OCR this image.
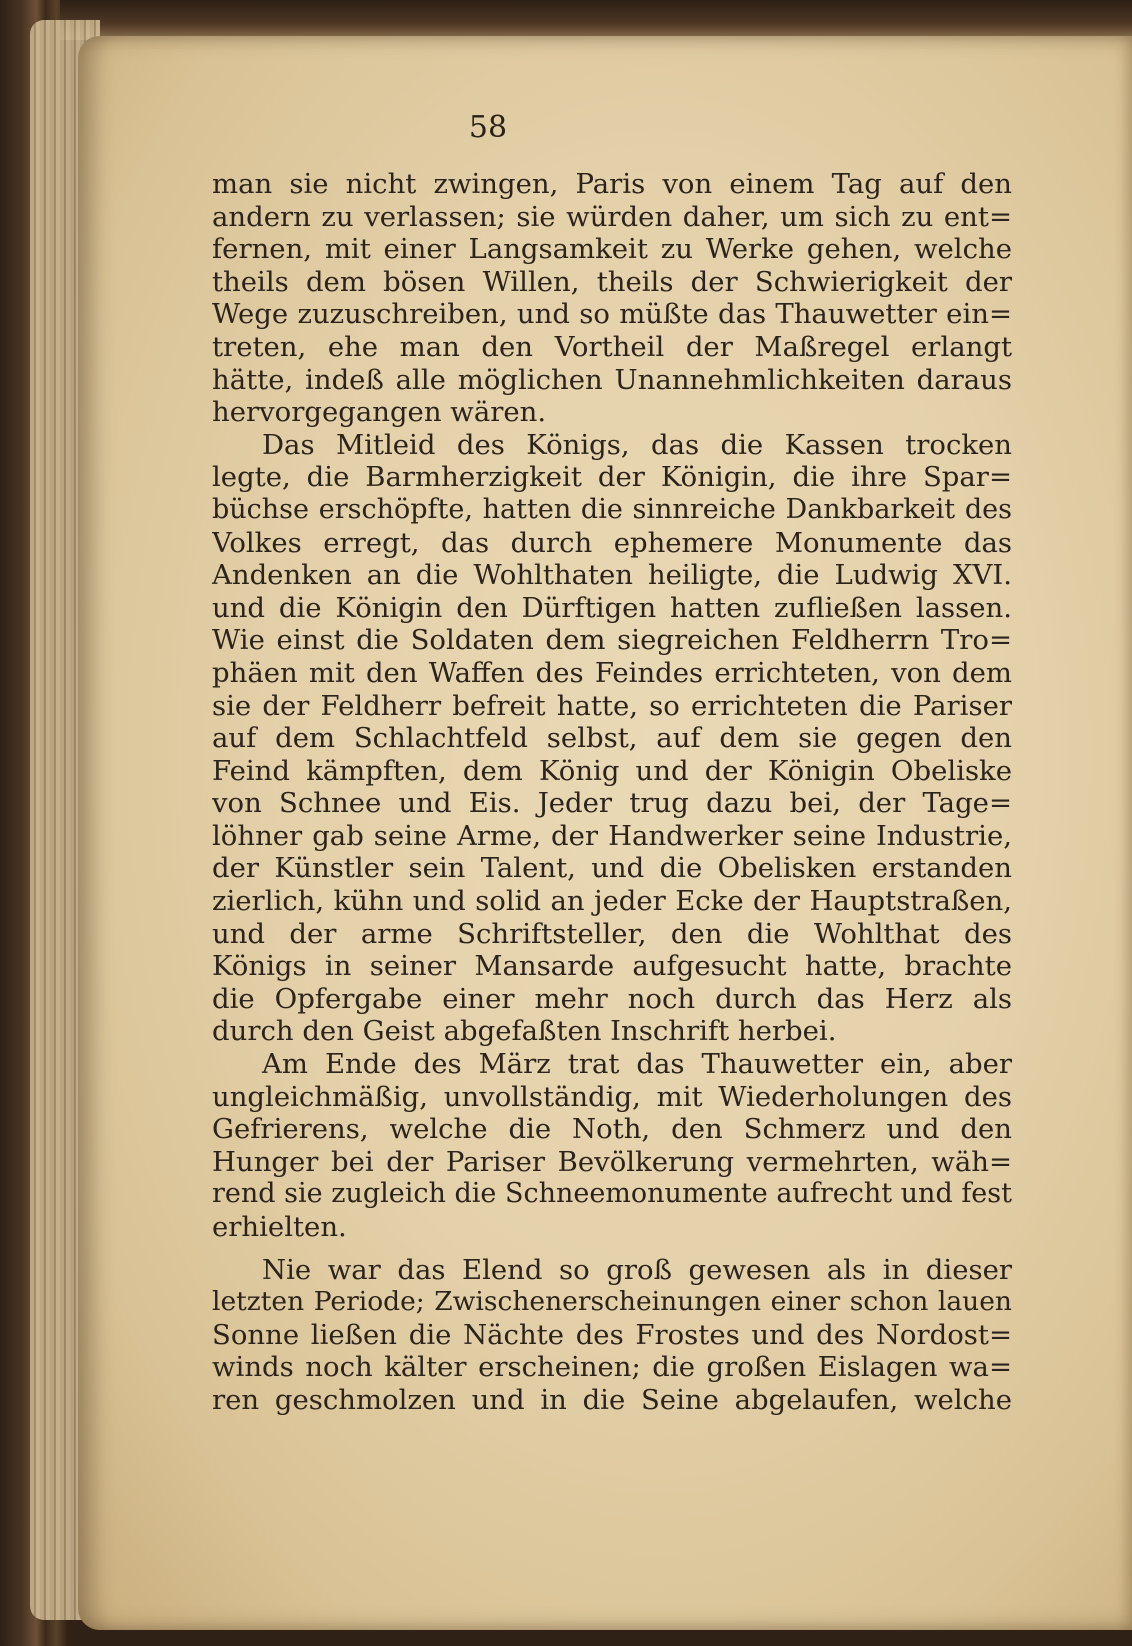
58
man sie nicht zwingen, Paris von einem Tag auf den
andern zu verlassen; sie würden daher, um sich zu ent=
fernen, mit einer Langsamkeit zu Werke gehen, welche
theils dem bösen Willen, theils der Schwierigkeit der
Wege zuzuschreiben, und so müßte das Thauwetter ein=
treten, ehe man den Vortheil der Maßregel erlangt
hätte, indeß alle möglichen Unannehmlichkeiten daraus
hervorgegangen wären.
Das Mitleid des Königs, das die Kassen trocken
legte, die Barmherzigkeit der Königin, die ihre Spar=
büchse erschöpfte, hatten die sinnreiche Dankbarkeit des
Volkes erregt, das durch ephemere Monumente das
Andenken an die Wohlthaten heiligte, die Ludwig XVI.
und die Königin den Dürftigen hatten zufließen lassen.
Wie einst die Soldaten dem siegreichen Feldherrn Tro=
phäen mit den Waffen des Feindes errichteten, von dem
sie der Feldherr befreit hatte, so errichteten die Pariser
auf dem Schlachtfeld selbst, auf dem sie gegen den
Feind kämpften, dem König und der Königin Obeliske
von Schnee und Eis. Jeder trug dazu bei, der Tage=
löhner gab seine Arme, der Handwerker seine Industrie,
der Künstler sein Talent, und die Obelisken erstanden
zierlich, kühn und solid an jeder Ecke der Hauptstraßen,
und der arme Schriftsteller, den die Wohlthat des
Königs in seiner Mansarde aufgesucht hatte, brachte
die Opfergabe einer mehr noch durch das Herz als
durch den Geist abgefaßten Inschrift herbei.
Am Ende des März trat das Thauwetter ein, aber
ungleichmäßig, unvollständig, mit Wiederholungen des
Gefrierens, welche die Noth, den Schmerz und den
Hunger bei der Pariser Bevölkerung vermehrten, wäh=
rend sie zugleich die Schneemonumente aufrecht und fest
erhielten.
Nie war das Elend so groß gewesen als in dieser
letzten Periode; Zwischenerscheinungen einer schon lauen
Sonne ließen die Nächte des Frostes und des Nordost=
winds noch kälter erscheinen; die großen Eislagen wa=
ren geschmolzen und in die Seine abgelaufen, welche
